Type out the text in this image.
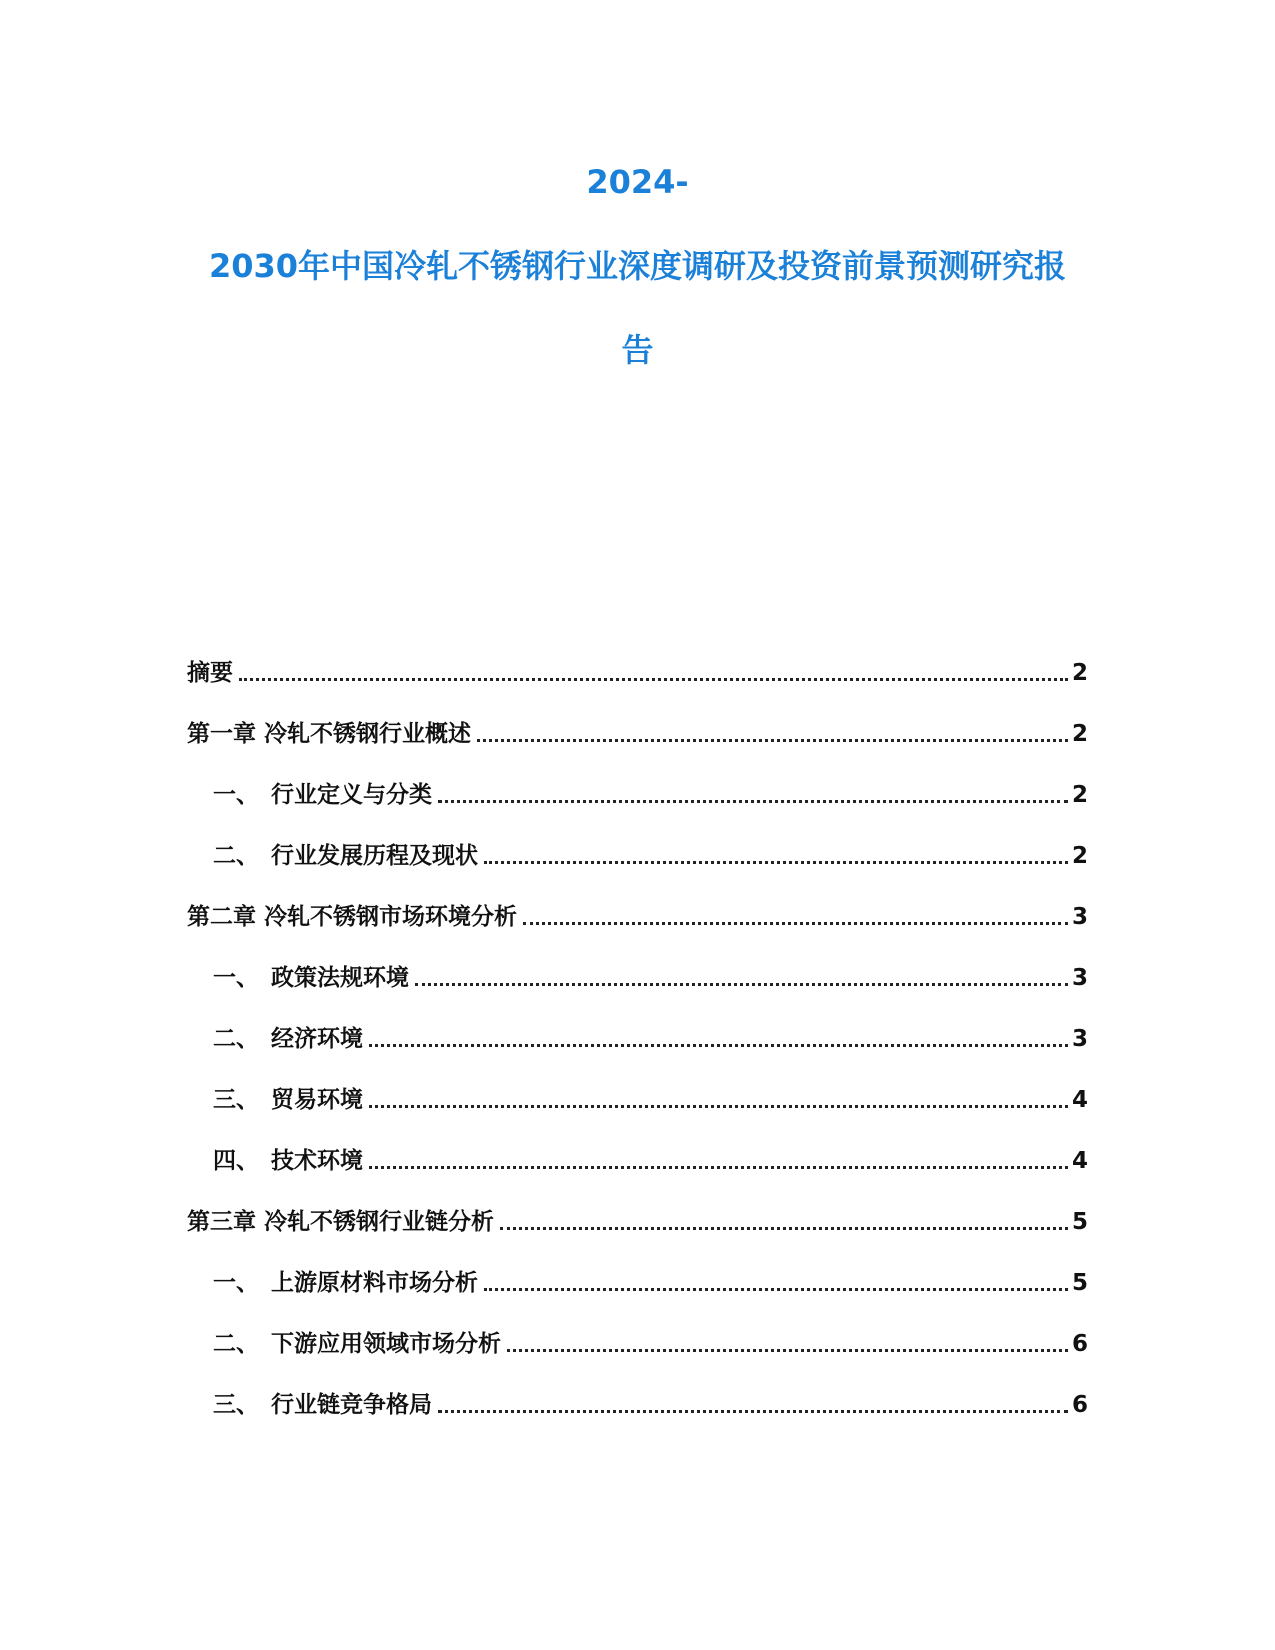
2024-
2030年中国冷轧不锈钢行业深度调研及投资前景预测研究报
告
摘要	2
第一章 冷轧不锈钢行业概述	2
一、 行业定义与分类	2
二、 行业发展历程及现状	2
第二章 冷轧不锈钢市场环境分析	3
一、 政策法规环境	3
二、 经济环境	3
三、 贸易环境	4
四、 技术环境	4
第三章 冷轧不锈钢行业链分析	5
一、 上游原材料市场分析	5
二、 下游应用领域市场分析	6
三、 行业链竞争格局	6
